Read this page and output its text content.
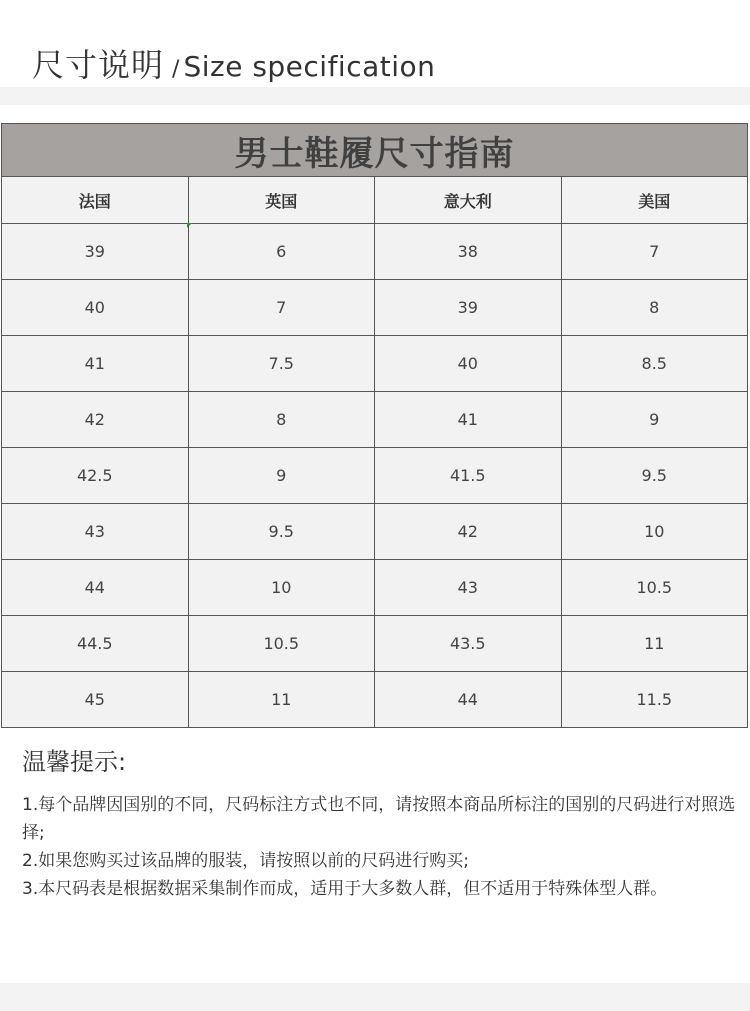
尺寸说明 / Size specification
男士鞋履尺寸指南			
法国	英国	意大利	美国
39	6	38	7
40	7	39	8
41	7.5	40	8.5
42	8	41	9
42.5	9	41.5	9.5
43	9.5	42	10
44	10	43	10.5
44.5	10.5	43.5	11
45	11	44	11.5
温馨提示:
1.每个品牌因国别的不同，尺码标注方式也不同，请按照本商品所标注的国别的尺码进行对照选择;
2.如果您购买过该品牌的服装，请按照以前的尺码进行购买;
3.本尺码表是根据数据采集制作而成，适用于大多数人群，但不适用于特殊体型人群。
